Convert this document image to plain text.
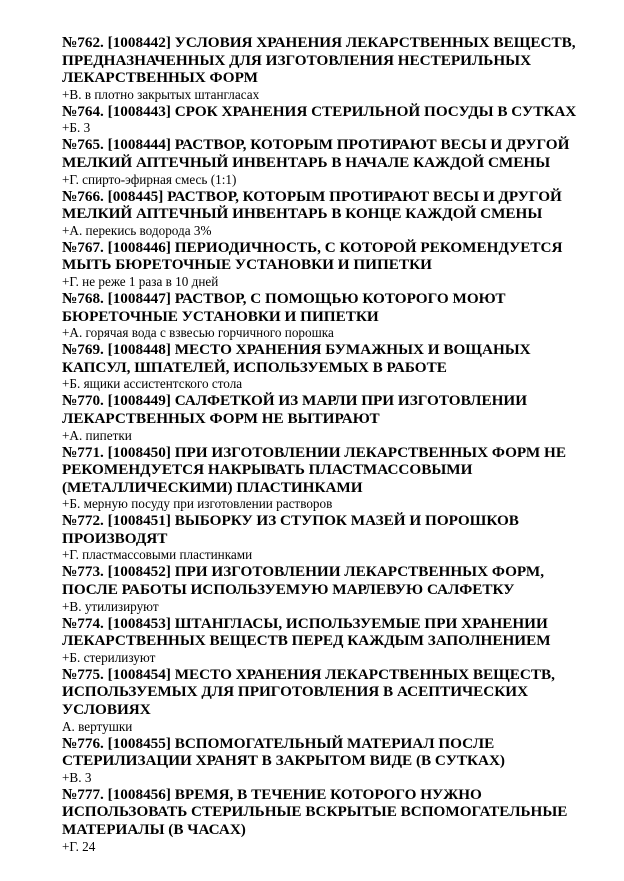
№762. [1008442] УСЛОВИЯ ХРАНЕНИЯ ЛЕКАРСТВЕННЫХ ВЕЩЕСТВ, ПРЕДНАЗНАЧЕННЫХ ДЛЯ ИЗГОТОВЛЕНИЯ НЕСТЕРИЛЬНЫХ ЛЕКАРСТВЕННЫХ ФОРМ

+В. в плотно закрытых штангласах

№764. [1008443] СРОК ХРАНЕНИЯ СТЕРИЛЬНОЙ ПОСУДЫ В СУТКАХ

+Б. 3

№765. [1008444] РАСТВОР, КОТОРЫМ ПРОТИРАЮТ ВЕСЫ И ДРУГОЙ МЕЛКИЙ АПТЕЧНЫЙ ИНВЕНТАРЬ В НАЧАЛЕ КАЖДОЙ СМЕНЫ

+Г. спирто-эфирная смесь (1:1)

№766. [008445] РАСТВОР, КОТОРЫМ ПРОТИРАЮТ ВЕСЫ И ДРУГОЙ МЕЛКИЙ АПТЕЧНЫЙ ИНВЕНТАРЬ В КОНЦЕ КАЖДОЙ СМЕНЫ

+А. перекись водорода 3%

№767. [1008446] ПЕРИОДИЧНОСТЬ, С КОТОРОЙ РЕКОМЕНДУЕТСЯ МЫТЬ БЮРЕТОЧНЫЕ УСТАНОВКИ И ПИПЕТКИ

+Г. не реже 1 раза в 10 дней

№768. [1008447] РАСТВОР, С ПОМОЩЬЮ КОТОРОГО МОЮТ БЮРЕТОЧНЫЕ УСТАНОВКИ И ПИПЕТКИ

+А. горячая вода с взвесью горчичного порошка

№769. [1008448] МЕСТО ХРАНЕНИЯ БУМАЖНЫХ И ВОЩАНЫХ КАПСУЛ, ШПАТЕЛЕЙ, ИСПОЛЬЗУЕМЫХ В РАБОТЕ

+Б. ящики ассистентского стола

№770. [1008449] САЛФЕТКОЙ ИЗ МАРЛИ ПРИ ИЗГОТОВЛЕНИИ ЛЕКАРСТВЕННЫХ ФОРМ НЕ ВЫТИРАЮТ

+А. пипетки

№771. [1008450] ПРИ ИЗГОТОВЛЕНИИ ЛЕКАРСТВЕННЫХ ФОРМ НЕ РЕКОМЕНДУЕТСЯ НАКРЫВАТЬ ПЛАСТМАССОВЫМИ (МЕТАЛЛИЧЕСКИМИ) ПЛАСТИНКАМИ

+Б. мерную посуду при изготовлении растворов

№772. [1008451] ВЫБОРКУ ИЗ СТУПОК МАЗЕЙ И ПОРОШКОВ ПРОИЗВОДЯТ

+Г. пластмассовыми пластинками

№773. [1008452] ПРИ ИЗГОТОВЛЕНИИ ЛЕКАРСТВЕННЫХ ФОРМ, ПОСЛЕ РАБОТЫ ИСПОЛЬЗУЕМУЮ МАРЛЕВУЮ САЛФЕТКУ

+В. утилизируют

№774. [1008453] ШТАНГЛАСЫ, ИСПОЛЬЗУЕМЫЕ ПРИ ХРАНЕНИИ ЛЕКАРСТВЕННЫХ ВЕЩЕСТВ ПЕРЕД КАЖДЫМ ЗАПОЛНЕНИЕМ

+Б. стерилизуют

№775. [1008454] МЕСТО ХРАНЕНИЯ ЛЕКАРСТВЕННЫХ ВЕЩЕСТВ, ИСПОЛЬЗУЕМЫХ ДЛЯ ПРИГОТОВЛЕНИЯ В АСЕПТИЧЕСКИХ УСЛОВИЯХ

А. вертушки

№776. [1008455] ВСПОМОГАТЕЛЬНЫЙ МАТЕРИАЛ ПОСЛЕ СТЕРИЛИЗАЦИИ ХРАНЯТ В ЗАКРЫТОМ ВИДЕ (В СУТКАХ)

+В. 3

№777. [1008456] ВРЕМЯ, В ТЕЧЕНИЕ КОТОРОГО НУЖНО ИСПОЛЬЗОВАТЬ СТЕРИЛЬНЫЕ ВСКРЫТЫЕ ВСПОМОГАТЕЛЬНЫЕ МАТЕРИАЛЫ (В ЧАСАХ)

+Г. 24
